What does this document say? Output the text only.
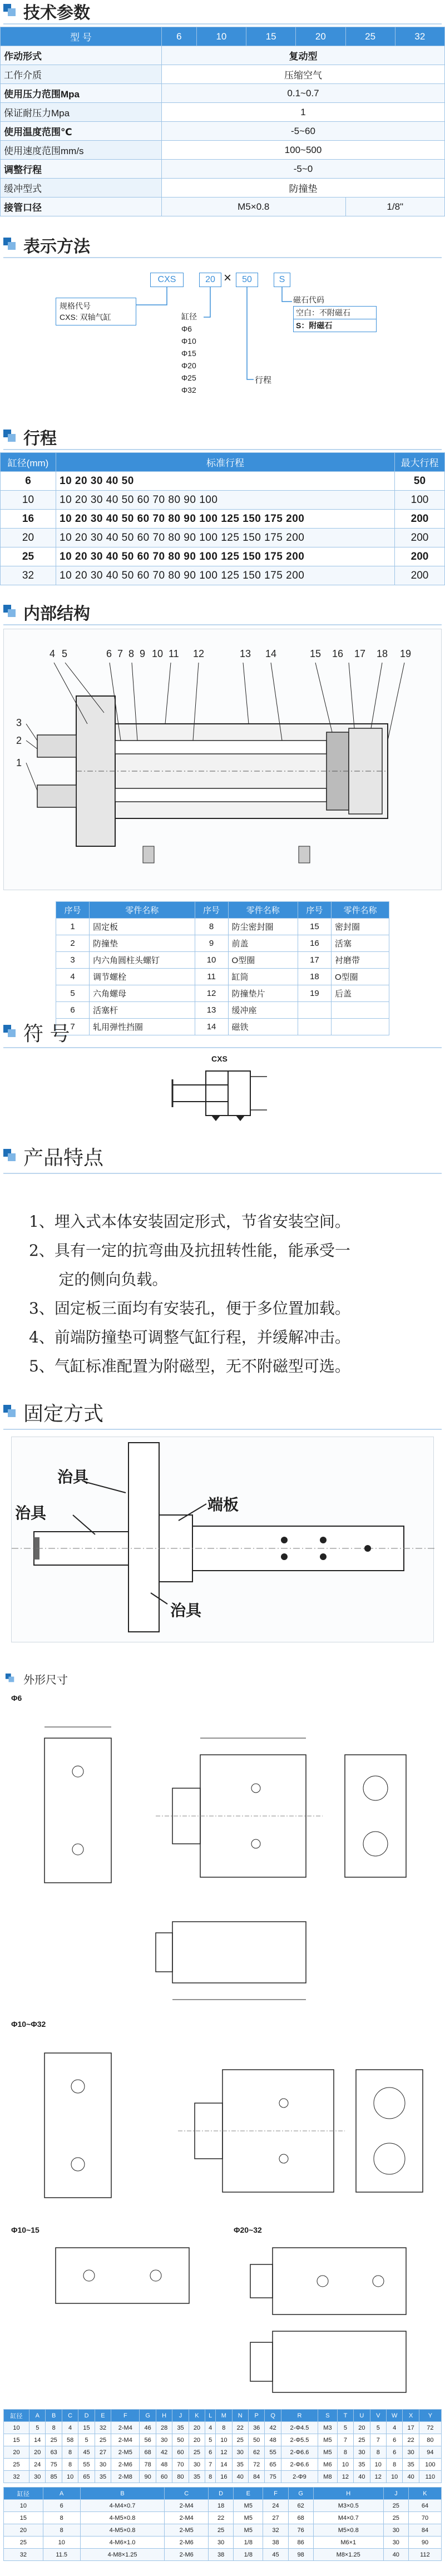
技术参数
型 号	6	10	15	20	25	32
作动形式	复动型					
工作介质	压缩空气					
使用压力范围Mpa	0.1~0.7					
保证耐压力Mpa	1					
使用温度范围℃	-5~60					
使用速度范围mm/s	100~500					
调整行程	-5~0					
缓冲型式	防撞垫					
接管口径	M5×0.8				1/8"	
表示方法
CXS	20 ×	50	S
规格代号
CXS: 双轴气缸	缸径
Φ6
Φ10
Φ15
Φ20
Φ25
Φ32
行程
磁石代码
空白：不附磁石
S：附磁石
行程
缸径(mm)	标准行程	最大行程
6	10 20 30 40 50	50
10	10 20 30 40 50 60 70 80 90 100	100
16	10 20 30 40 50 60 70 80 90 100 125 150 175 200	200
20	10 20 30 40 50 60 70 80 90 100 125 150 175 200	200
25	10 20 30 40 50 60 70 80 90 100 125 150 175 200	200
32	10 20 30 40 50 60 70 80 90 100 125 150 175 200	200
内部结构
4 5	6 7 8 9 10 11 12	13 14	15 16 17 18 19
3
2
1
序号	零件名称	序号	零件名称	序号	零件名称
1	固定板	8	防尘密封圈	15	密封圈
2	防撞垫	9	前盖	16	活塞
3	内六角圆柱头螺钉	10	O型圈	17	衬磨带
4	调节螺栓	11	缸筒	18	O型圈
5	六角螺母	12	防撞垫片	19	后盖
6	活塞杆	13	缓冲座		
7	轧用弹性挡圈	14	磁铁		
符 号
CXS
产品特点
1、埋入式本体安装固定形式，节省安装空间。
2、具有一定的抗弯曲及抗扭转性能，能承受一
定的侧向负载。
3、固定板三面均有安装孔，便于多位置加载。
4、前端防撞垫可调整气缸行程，并缓解冲击。
5、气缸标准配置为附磁型，无不附磁型可选。
固定方式
治具
治具	端板
治具
外形尺寸
Φ6
Φ10~Φ32
Φ10~15	Φ20~32
缸径	A	B	C	D	E	F	G	H	J	K	L	M	N	P	Q	R	S	T	U	V	W	X	Y
10	5	8	4	15	32	2-M4	46	28	35	20	4	8	22	36	42	2-Φ4.5	M3	5	20	5	4	17	72
15	14	25	58	5	25	2-M4	56	30	50	20	5	10	25	50	48	2-Φ5.5	M5	7	25	7	6	22	80
20	20	63	8	45	27	2-M5	68	42	60	25	6	12	30	62	55	2-Φ6.6	M5	8	30	8	6	30	94
25	24	75	8	55	30	2-M6	78	48	70	30	7	14	35	72	65	2-Φ6.6	M6	10	35	10	8	35	100
32	30	85	10	65	35	2-M8	90	60	80	35	8	16	40	84	75	2-Φ9	M8	12	40	12	10	40	110
缸径	A	B	C	D	E	F	G	H	J	K
10	6	4-M4×0.7	2-M4	18	M5	24	62	M3×0.5	25	64
15	8	4-M5×0.8	2-M4	22	M5	27	68	M4×0.7	25	70
20	8	4-M5×0.8	2-M5	25	M5	32	76	M5×0.8	30	84
25	10	4-M6×1.0	2-M6	30	1/8	38	86	M6×1	30	90
32	11.5	4-M8×1.25	2-M6	38	1/8	45	98	M8×1.25	40	112
